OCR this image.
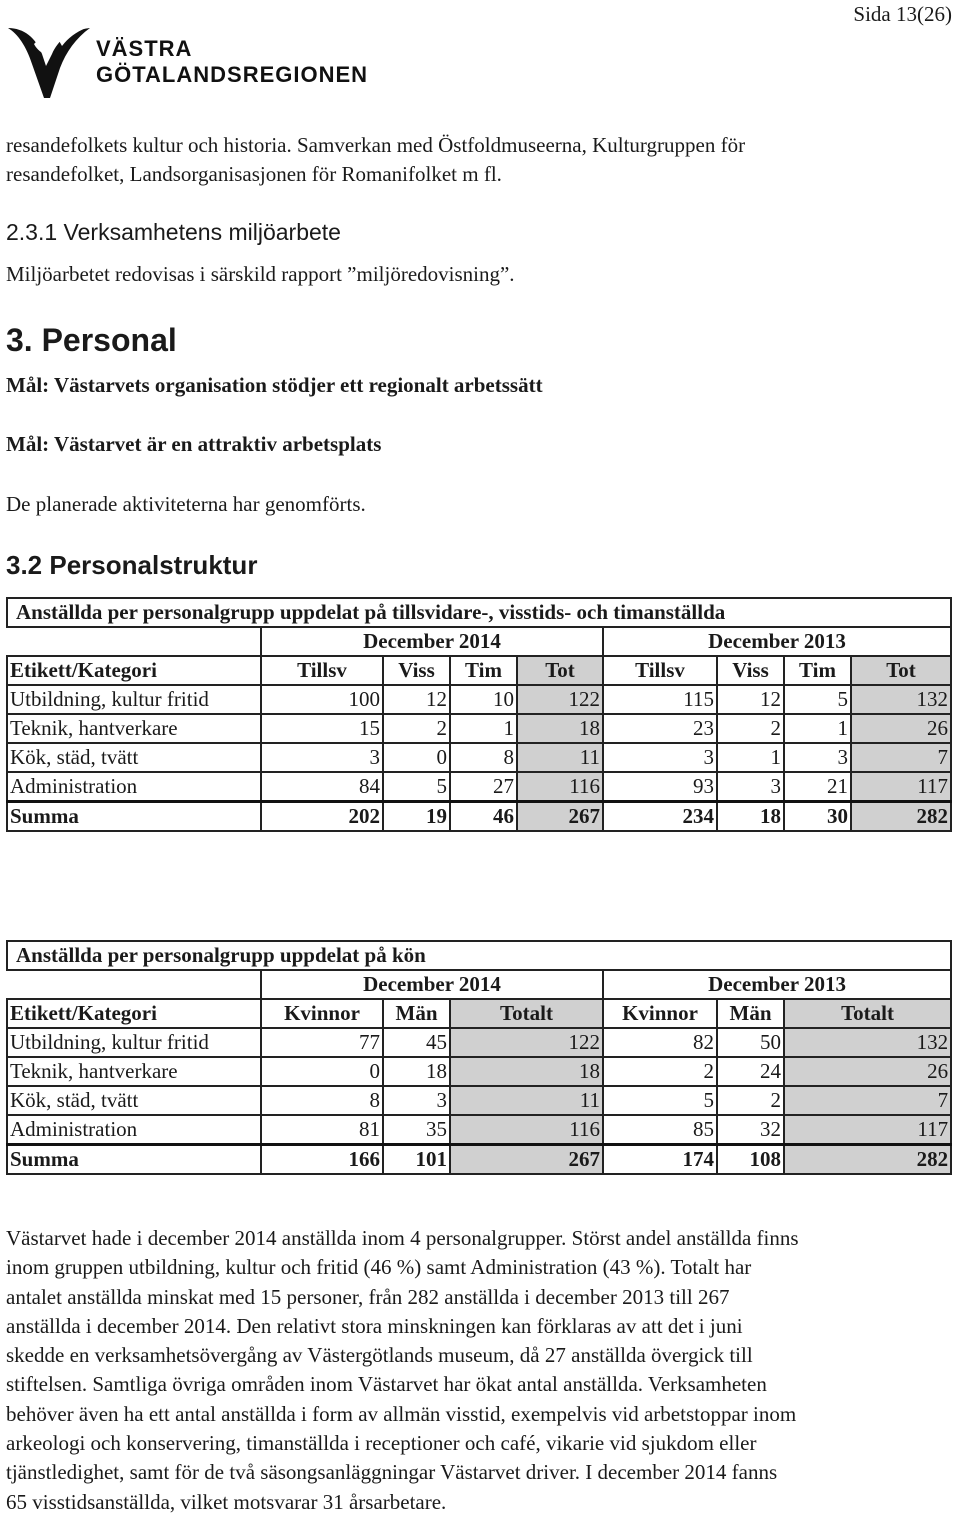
Sida 13(26)
VÄSTRA
GÖTALANDSREGIONEN
resandefolkets kultur och historia. Samverkan med Östfoldmuseerna, Kulturgruppen för
resandefolket, Landsorganisasjonen för Romanifolket m fl.
2.3.1 Verksamhetens miljöarbete
Miljöarbetet redovisas i särskild rapport ”miljöredovisning”.
3. Personal
Mål: Västarvets organisation stödjer ett regionalt arbetssätt
Mål: Västarvet är en attraktiv arbetsplats
De planerade aktiviteterna har genomförts.
3.2 Personalstruktur
Anställda per personalgrupp uppdelat på tillsvidare-, visstids- och timanställda								
	December 2014				December 2013			
Etikett/Kategori	Tillsv	Viss	Tim	Tot	Tillsv	Viss	Tim	Tot
Utbildning, kultur fritid	100	12	10	122	115	12	5	132
Teknik, hantverkare	15	2	1	18	23	2	1	26
Kök, städ, tvätt	3	0	8	11	3	1	3	7
Administration	84	5	27	116	93	3	21	117
Summa	202	19	46	267	234	18	30	282
Anställda per personalgrupp uppdelat på kön						
	December 2014			December 2013		
Etikett/Kategori	Kvinnor	Män	Totalt	Kvinnor	Män	Totalt
Utbildning, kultur fritid	77	45	122	82	50	132
Teknik, hantverkare	0	18	18	2	24	26
Kök, städ, tvätt	8	3	11	5	2	7
Administration	81	35	116	85	32	117
Summa	166	101	267	174	108	282
Västarvet hade i december 2014 anställda inom 4 personalgrupper. Störst andel anställda finns
inom gruppen utbildning, kultur och fritid (46 %) samt Administration (43 %). Totalt har
antalet anställda minskat med 15 personer, från 282 anställda i december 2013 till 267
anställda i december 2014. Den relativt stora minskningen kan förklaras av att det i juni
skedde en verksamhetsövergång av Västergötlands museum, då 27 anställda övergick till
stiftelsen. Samtliga övriga områden inom Västarvet har ökat antal anställda. Verksamheten
behöver även ha ett antal anställda i form av allmän visstid, exempelvis vid arbetstoppar inom
arkeologi och konservering, timanställda i receptioner och café, vikarie vid sjukdom eller
tjänstledighet, samt för de två säsongsanläggningar Västarvet driver. I december 2014 fanns
65 visstidsanställda, vilket motsvarar 31 årsarbetare.
